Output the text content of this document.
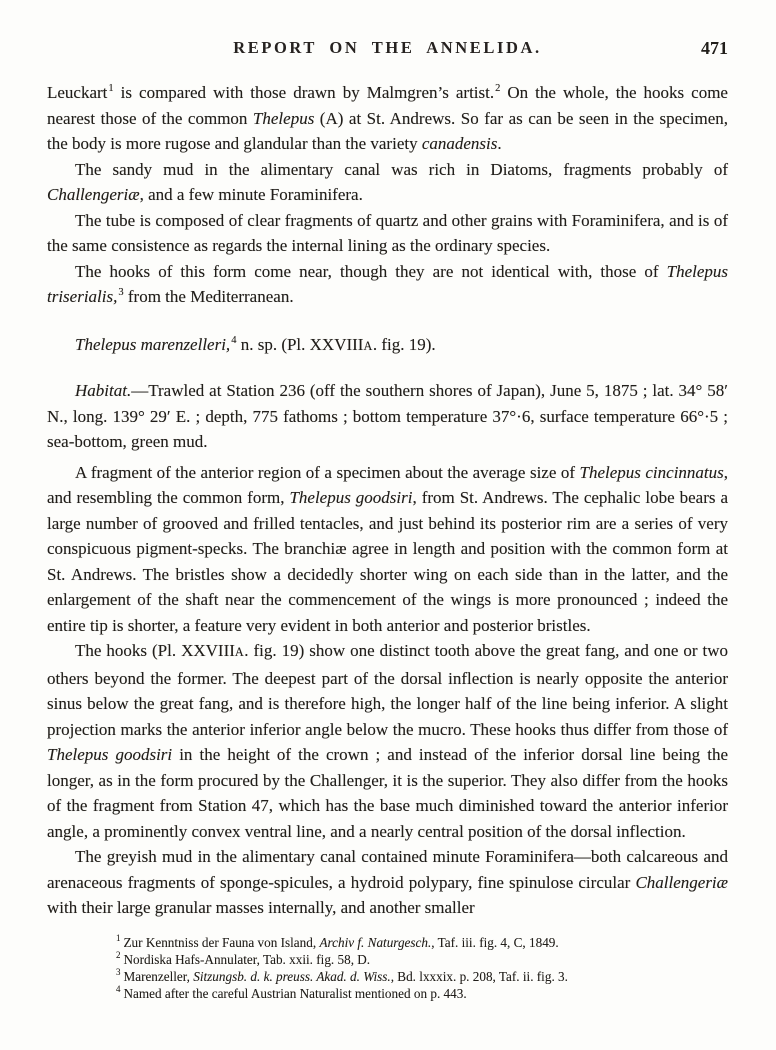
REPORT ON THE ANNELIDA.	471

Leuckart$^1$ is compared with those drawn by Malmgren’s artist.$^2$ On the whole, the hooks come nearest those of the common Thelepus (A) at St. Andrews. So far as can be seen in the specimen, the body is more rugose and glandular than the variety canadensis.

The sandy mud in the alimentary canal was rich in Diatoms, fragments probably of Challengeriæ, and a few minute Foraminifera.

The tube is composed of clear fragments of quartz and other grains with Foraminifera, and is of the same consistence as regards the internal lining as the ordinary species.

The hooks of this form come near, though they are not identical with, those of Thelepus triserialis,$^3$ from the Mediterranean.

Thelepus marenzelleri,$^4$ n. sp. (Pl. XXVIIIA. fig. 19).

Habitat.—Trawled at Station 236 (off the southern shores of Japan), June 5, 1875 ; lat. 34° 58′ N., long. 139° 29′ E. ; depth, 775 fathoms ; bottom temperature 37°·6, surface temperature 66°·5 ; sea-bottom, green mud.

A fragment of the anterior region of a specimen about the average size of Thelepus cincinnatus, and resembling the common form, Thelepus goodsiri, from St. Andrews. The cephalic lobe bears a large number of grooved and frilled tentacles, and just behind its posterior rim are a series of very conspicuous pigment-specks. The branchiæ agree in length and position with the common form at St. Andrews. The bristles show a decidedly shorter wing on each side than in the latter, and the enlargement of the shaft near the commencement of the wings is more pronounced ; indeed the entire tip is shorter, a feature very evident in both anterior and posterior bristles.

The hooks (Pl. XXVIIIA. fig. 19) show one distinct tooth above the great fang, and one or two others beyond the former. The deepest part of the dorsal inflection is nearly opposite the anterior sinus below the great fang, and is therefore high, the longer half of the line being inferior. A slight projection marks the anterior inferior angle below the mucro. These hooks thus differ from those of Thelepus goodsiri in the height of the crown ; and instead of the inferior dorsal line being the longer, as in the form procured by the Challenger, it is the superior. They also differ from the hooks of the fragment from Station 47, which has the base much diminished toward the anterior inferior angle, a prominently convex ventral line, and a nearly central position of the dorsal inflection.

The greyish mud in the alimentary canal contained minute Foraminifera—both calcareous and arenaceous fragments of sponge-spicules, a hydroid polypary, fine spinulose circular Challengeriæ with their large granular masses internally, and another smaller

$^1$ Zur Kenntniss der Fauna von Island, Archiv f. Naturgesch., Taf. iii. fig. 4, C, 1849.

$^2$ Nordiska Hafs-Annulater, Tab. xxii. fig. 58, D.

$^3$ Marenzeller, Sitzungsb. d. k. preuss. Akad. d. Wiss., Bd. lxxxix. p. 208, Taf. ii. fig. 3.

$^4$ Named after the careful Austrian Naturalist mentioned on p. 443.
